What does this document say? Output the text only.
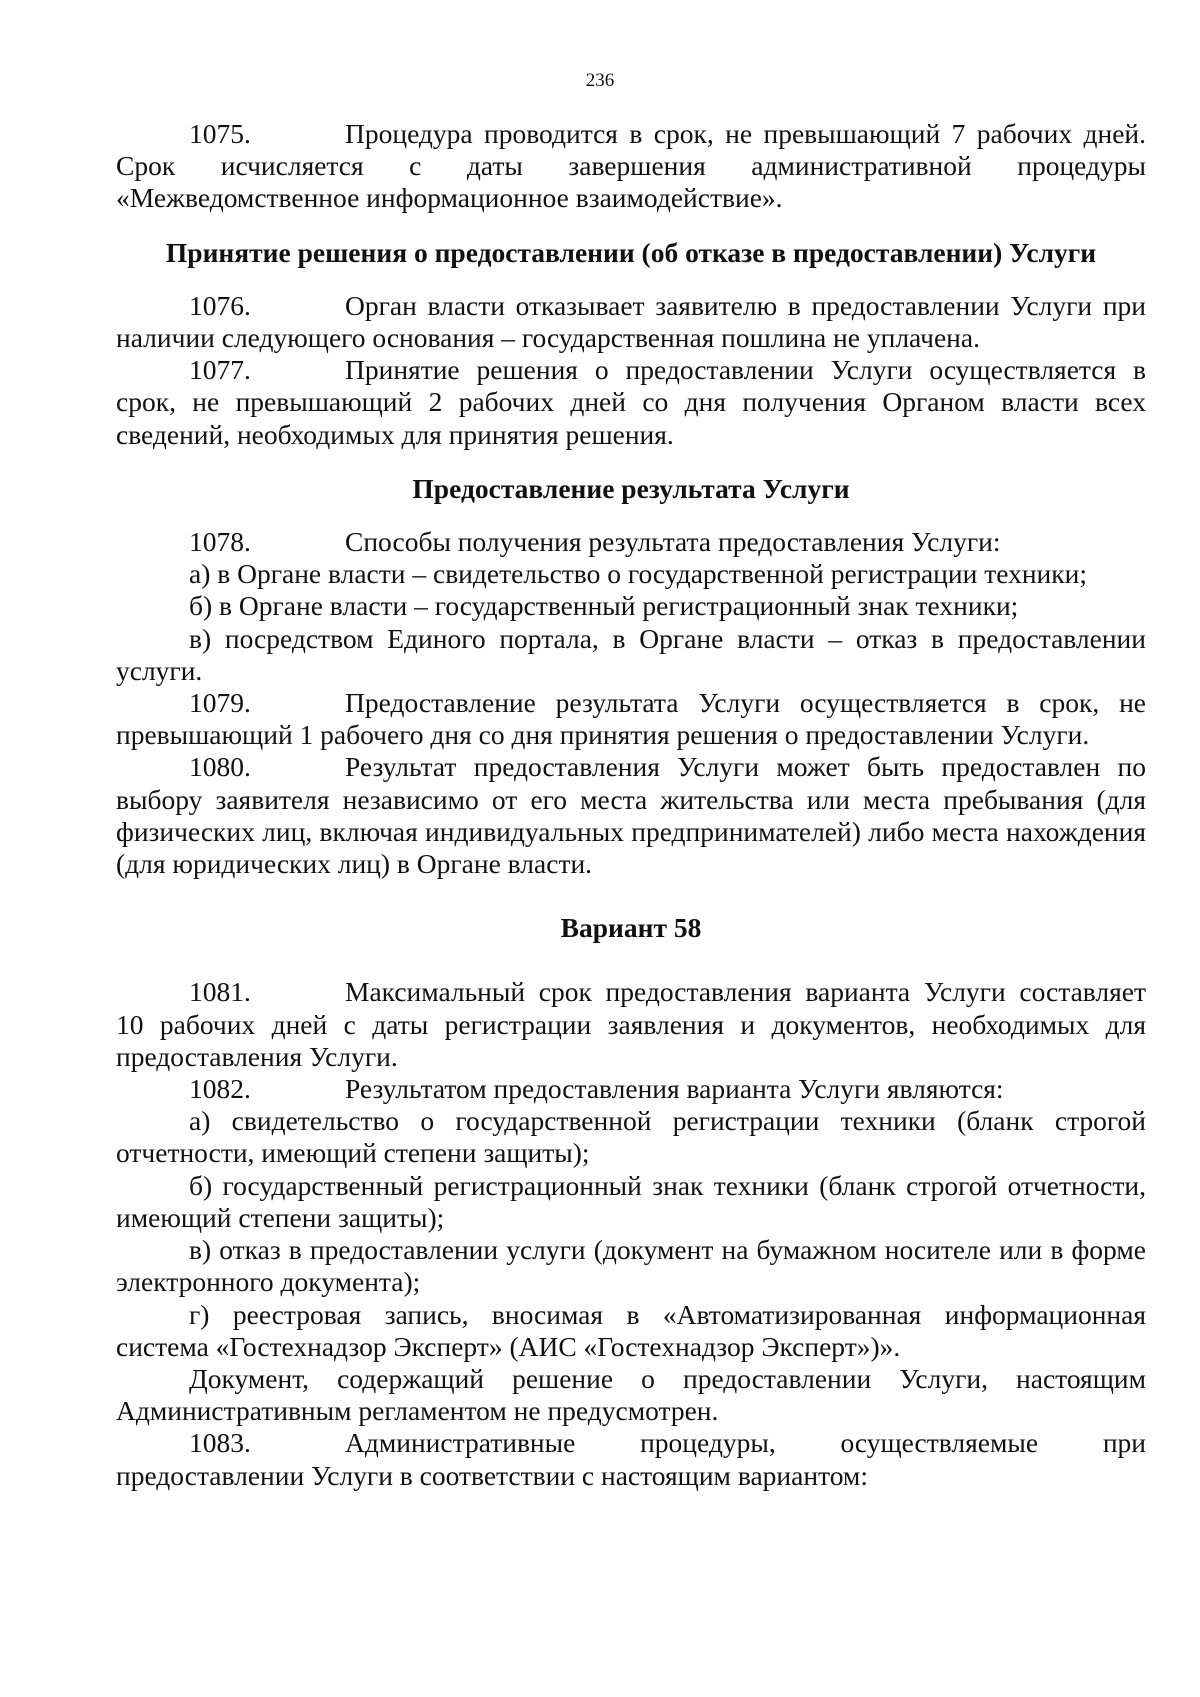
236

1075.	Процедура проводится в срок, не превышающий 7 рабочих дней. Срок исчисляется с даты завершения административной процедуры «Межведомственное информационное взаимодействие».

Принятие решения о предоставлении (об отказе в предоставлении) Услуги

1076.	Орган власти отказывает заявителю в предоставлении Услуги при наличии следующего основания – государственная пошлина не уплачена.

1077.	Принятие решения о предоставлении Услуги осуществляется в срок, не превышающий 2 рабочих дней со дня получения Органом власти всех сведений, необходимых для принятия решения.

Предоставление результата Услуги

1078.	Способы получения результата предоставления Услуги:

а) в Органе власти – свидетельство о государственной регистрации техники;

б) в Органе власти – государственный регистрационный знак техники;

в) посредством Единого портала, в Органе власти – отказ в предоставлении услуги.

1079.	Предоставление результата Услуги осуществляется в срок, не превышающий 1 рабочего дня со дня принятия решения о предоставлении Услуги.

1080.	Результат предоставления Услуги может быть предоставлен по выбору заявителя независимо от его места жительства или места пребывания (для физических лиц, включая индивидуальных предпринимателей) либо места нахождения (для юридических лиц) в Органе власти.

Вариант 58

1081.	Максимальный срок предоставления варианта Услуги составляет 10 рабочих дней с даты регистрации заявления и документов, необходимых для предоставления Услуги.

1082.	Результатом предоставления варианта Услуги являются:

а) свидетельство о государственной регистрации техники (бланк строгой отчетности, имеющий степени защиты);

б) государственный регистрационный знак техники (бланк строгой отчетности, имеющий степени защиты);

в) отказ в предоставлении услуги (документ на бумажном носителе или в форме электронного документа);

г) реестровая запись, вносимая в «Автоматизированная информационная система «Гостехнадзор Эксперт» (АИС «Гостехнадзор Эксперт»)».

Документ, содержащий решение о предоставлении Услуги, настоящим Административным регламентом не предусмотрен.

1083.	Административные процедуры, осуществляемые при предоставлении Услуги в соответствии с настоящим вариантом:
